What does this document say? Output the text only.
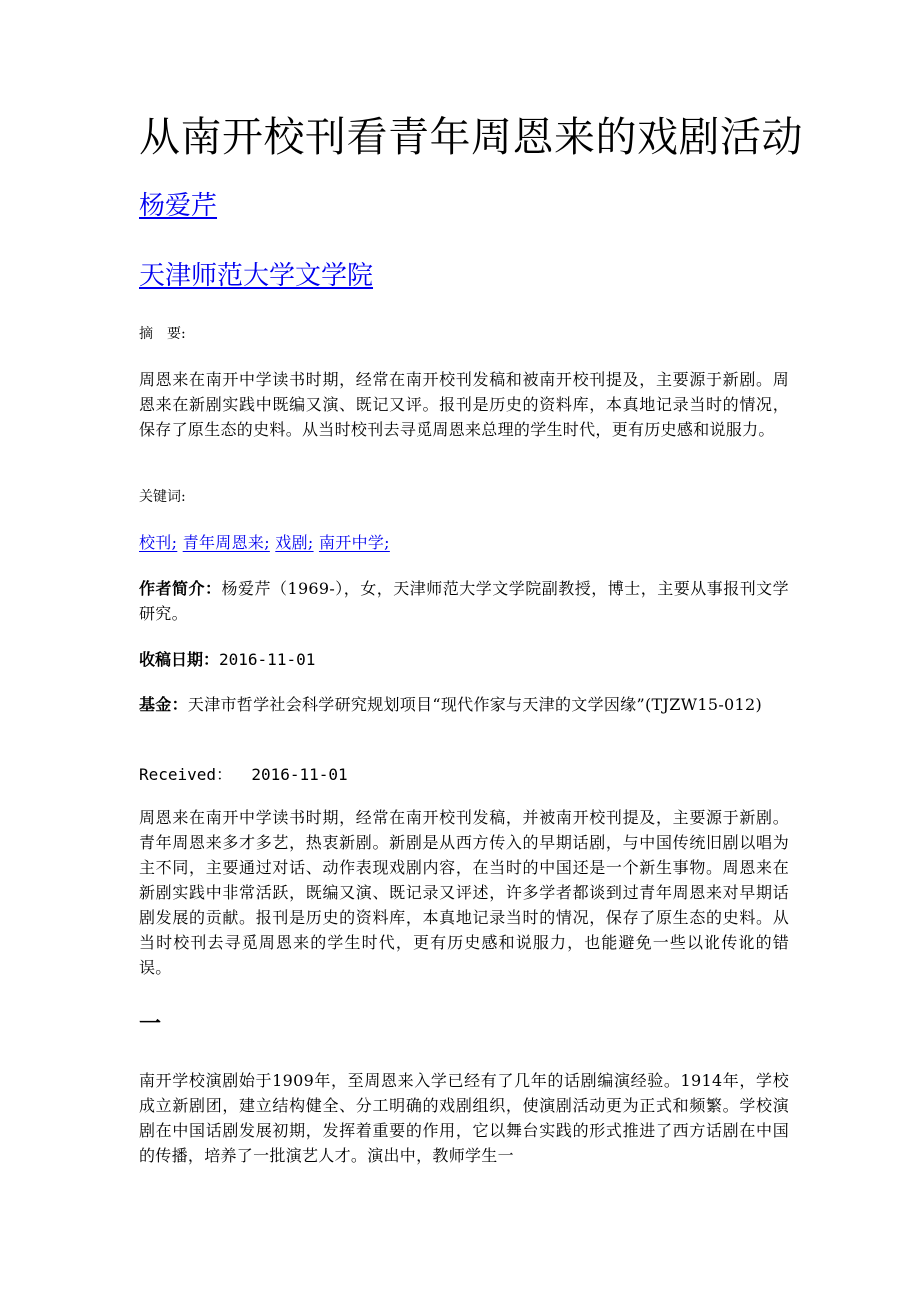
从南开校刊看青年周恩来的戏剧活动
杨爱芹
天津师范大学文学院

摘　要:

周恩来在南开中学读书时期，经常在南开校刊发稿和被南开校刊提及，主要源于新剧。周恩来在新剧实践中既编又演、既记又评。报刊是历史的资料库，本真地记录当时的情况，保存了原生态的史料。从当时校刊去寻觅周恩来总理的学生时代，更有历史感和说服力。

关键词:

校刊; 青年周恩来; 戏剧; 南开中学;

作者简介：杨爱芹（1969-），女，天津师范大学文学院副教授，博士，主要从事报刊文学研究。

收稿日期：2016-11-01

基金：天津市哲学社会科学研究规划项目“现代作家与天津的文学因缘”(TJZW15-012)

Received： 2016-11-01

周恩来在南开中学读书时期，经常在南开校刊发稿，并被南开校刊提及，主要源于新剧。青年周恩来多才多艺，热衷新剧。新剧是从西方传入的早期话剧，与中国传统旧剧以唱为主不同，主要通过对话、动作表现戏剧内容，在当时的中国还是一个新生事物。周恩来在新剧实践中非常活跃，既编又演、既记录又评述，许多学者都谈到过青年周恩来对早期话剧发展的贡献。报刊是历史的资料库，本真地记录当时的情况，保存了原生态的史料。从当时校刊去寻觅周恩来的学生时代，更有历史感和说服力，也能避免一些以讹传讹的错误。

一

南开学校演剧始于1909年，至周恩来入学已经有了几年的话剧编演经验。1914年，学校成立新剧团，建立结构健全、分工明确的戏剧组织，使演剧活动更为正式和频繁。学校演剧在中国话剧发展初期，发挥着重要的作用，它以舞台实践的形式推进了西方话剧在中国的传播，培养了一批演艺人才。演出中，教师学生一
